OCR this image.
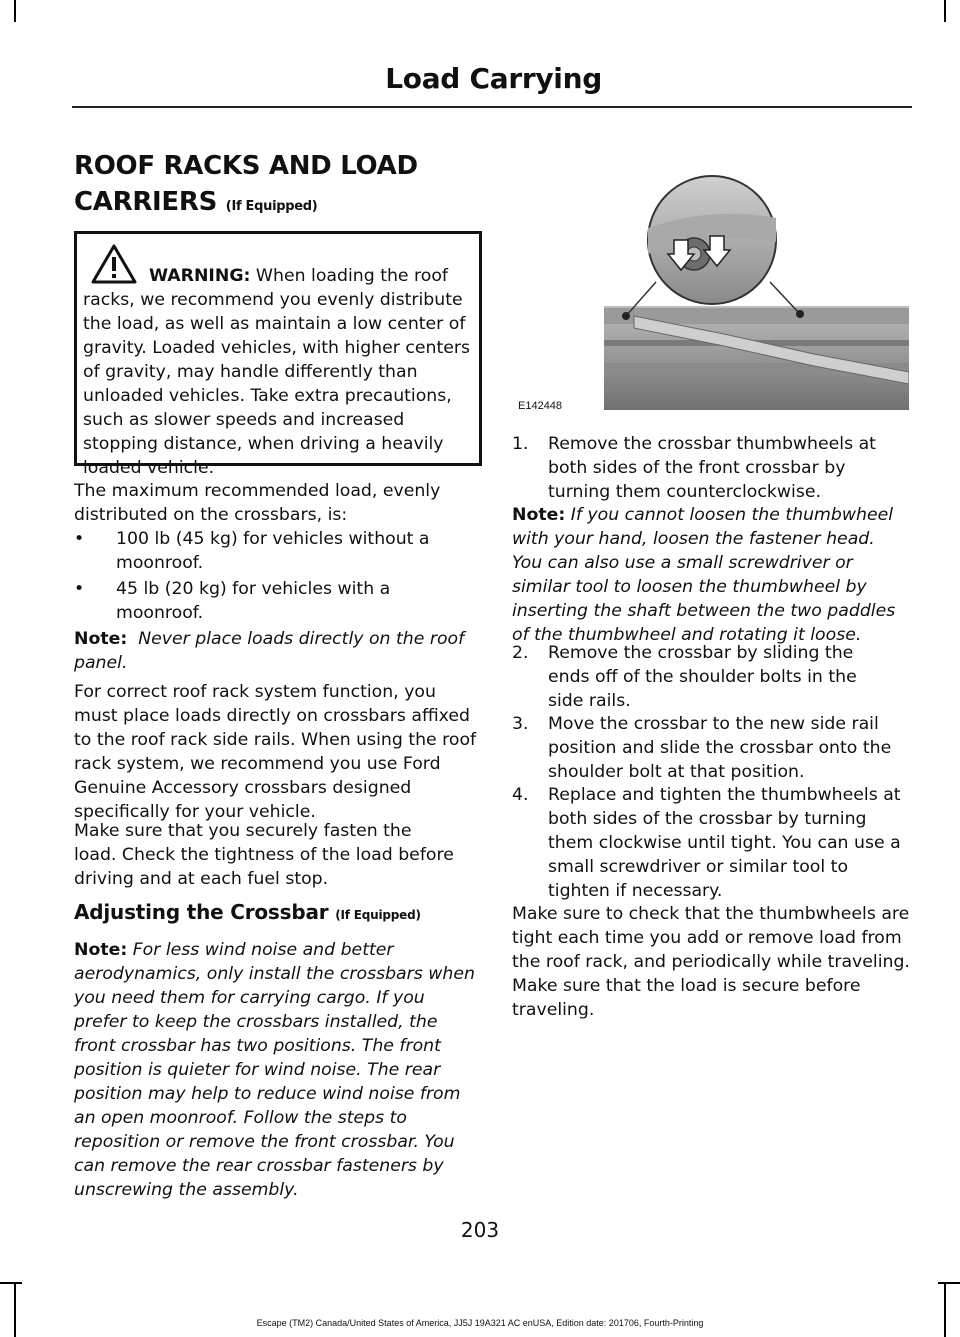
Load Carrying
ROOF RACKS AND LOAD CARRIERS (If Equipped)

WARNING: When loading the roof racks, we recommend you evenly distribute the load, as well as maintain a low center of gravity. Loaded vehicles, with higher centers of gravity, may handle differently than unloaded vehicles. Take extra precautions, such as slower speeds and increased stopping distance, when driving a heavily loaded vehicle.

The maximum recommended load, evenly distributed on the crossbars, is:

• 100 lb (45 kg) for vehicles without a moonroof.
• 45 lb (20 kg) for vehicles with a moonroof.

Note: Never place loads directly on the roof panel.

For correct roof rack system function, you must place loads directly on crossbars affixed to the roof rack side rails. When using the roof rack system, we recommend you use Ford Genuine Accessory crossbars designed specifically for your vehicle.

Make sure that you securely fasten the load. Check the tightness of the load before driving and at each fuel stop.

Adjusting the Crossbar (If Equipped)

Note: For less wind noise and better aerodynamics, only install the crossbars when you need them for carrying cargo. If you prefer to keep the crossbars installed, the front crossbar has two positions. The front position is quieter for wind noise. The rear position may help to reduce wind noise from an open moonroof. Follow the steps to reposition or remove the front crossbar. You can remove the rear crossbar fasteners by unscrewing the assembly.

E142448
1. Remove the crossbar thumbwheels at both sides of the front crossbar by turning them counterclockwise.

Note: If you cannot loosen the thumbwheel with your hand, loosen the fastener head. You can also use a small screwdriver or similar tool to loosen the thumbwheel by inserting the shaft between the two paddles of the thumbwheel and rotating it loose.

2. Remove the crossbar by sliding the ends off of the shoulder bolts in the side rails.
3. Move the crossbar to the new side rail position and slide the crossbar onto the shoulder bolt at that position.
4. Replace and tighten the thumbwheels at both sides of the crossbar by turning them clockwise until tight. You can use a small screwdriver or similar tool to tighten if necessary.

Make sure to check that the thumbwheels are tight each time you add or remove load from the roof rack, and periodically while traveling. Make sure that the load is secure before traveling.

203
Escape (TM2) Canada/United States of America, JJ5J 19A321 AC enUSA, Edition date: 201706, Fourth-Printing
